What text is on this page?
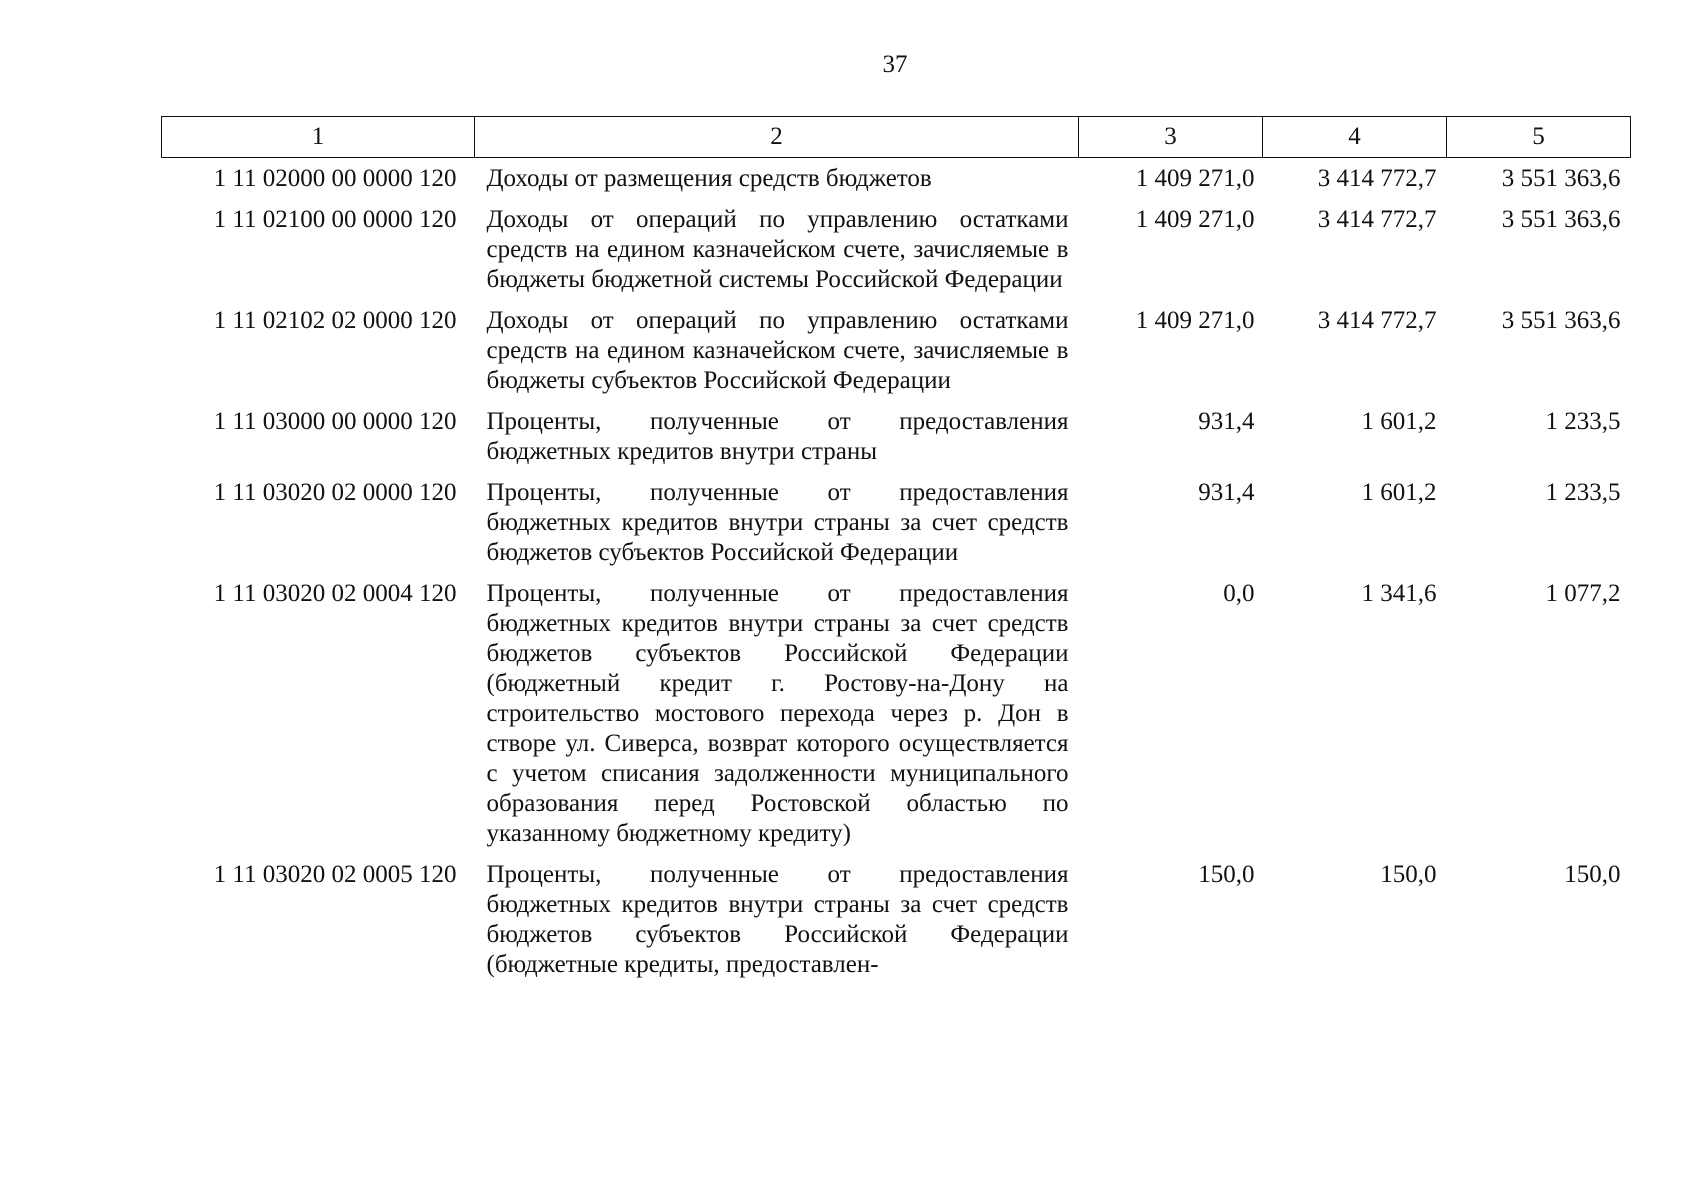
37
1	2	3	4	5
1 11 02000 00 0000 120	Доходы от размещения средств бюджетов	1 409 271,0	3 414 772,7	3 551 363,6
1 11 02100 00 0000 120	Доходы от операций по управлению остатками средств на едином казначейском счете, зачисляемые в бюджеты бюджетной системы Российской Федерации	1 409 271,0	3 414 772,7	3 551 363,6
1 11 02102 02 0000 120	Доходы от операций по управлению остатками средств на едином казначейском счете, зачисляемые в бюджеты субъектов Российской Федерации	1 409 271,0	3 414 772,7	3 551 363,6
1 11 03000 00 0000 120	Проценты, полученные от предоставления бюджетных кредитов внутри страны	931,4	1 601,2	1 233,5
1 11 03020 02 0000 120	Проценты, полученные от предоставления бюджетных кредитов внутри страны за счет средств бюджетов субъектов Российской Федерации	931,4	1 601,2	1 233,5
1 11 03020 02 0004 120	Проценты, полученные от предоставления бюджетных кредитов внутри страны за счет средств бюджетов субъектов Российской Федерации (бюджетный кредит г. Ростову-на-Дону на строительство мостового перехода через р. Дон в створе ул. Сиверса, возврат которого осуществляется с учетом списания задолженности муниципального образования перед Ростовской областью по указанному бюджетному кредиту)	0,0	1 341,6	1 077,2
1 11 03020 02 0005 120	Проценты, полученные от предоставления бюджетных кредитов внутри страны за счет средств бюджетов субъектов Российской Федерации (бюджетные кредиты, предоставлен-	150,0	150,0	150,0
